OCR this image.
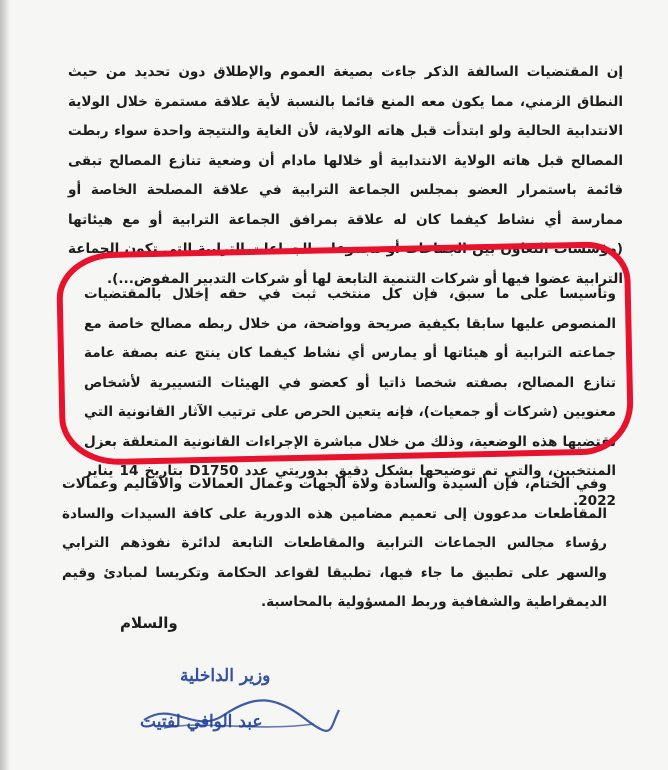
إن المقتضيات السالفة الذكر جاءت بصيغة العموم والإطلاق دون تحديد من حيث النطاق الزمني، مما يكون معه المنع قائما بالنسبة لأية علاقة مستمرة خلال الولاية الانتدابية الحالية ولو ابتدأت قبل هاته الولاية، لأن الغاية والنتيجة واحدة سواء ربطت المصالح قبل هاته الولاية الانتدابية أو خلالها مادام أن وضعية تنازع المصالح تبقى قائمة باستمرار العضو بمجلس الجماعة الترابية في علاقة المصلحة الخاصة أو ممارسة أي نشاط كيفما كان له علاقة بمرافق الجماعة الترابية أو مع هيئاتها (مؤسسات التعاون بين الجماعات أو مجموعات الجماعات الترابية التي تكون الجماعة الترابية عضوا فيها أو شركات التنمية التابعة لها أو شركات التدبير المفوض...).

وتأسيسا على ما سبق، فإن كل منتخب ثبت في حقه إخلال بالمقتضيات المنصوص عليها سابقا بكيفية صريحة وواضحة، من خلال ربطه مصالح خاصة مع جماعته الترابية أو هيئاتها أو يمارس أي نشاط كيفما كان ينتج عنه بصفة عامة تنازع المصالح، بصفته شخصا ذاتيا أو كعضو في الهيئات التسييرية لأشخاص معنويين (شركات أو جمعيات)، فإنه يتعين الحرص على ترتيب الآثار القانونية التي تقتضيها هذه الوضعية، وذلك من خلال مباشرة الإجراءات القانونية المتعلقة بعزل المنتخبين، والتي تم توضيحها بشكل دقيق بدوريتي عدد D1750 بتاريخ 14 يناير 2022.

وفي الختام، فإن السيدة والسادة ولاة الجهات وعمال العمالات والأقاليم وعمالات المقاطعات مدعوون إلى تعميم مضامين هذه الدورية على كافة السيدات والسادة رؤساء مجالس الجماعات الترابية والمقاطعات التابعة لدائرة نفوذهم الترابي والسهر على تطبيق ما جاء فيها، تطبيقا لقواعد الحكامة وتكريسا لمبادئ وقيم الديمقراطية والشفافية وربط المسؤولية بالمحاسبة.

والسلام
وزير الداخلية
عبد الوافي لفتيت
